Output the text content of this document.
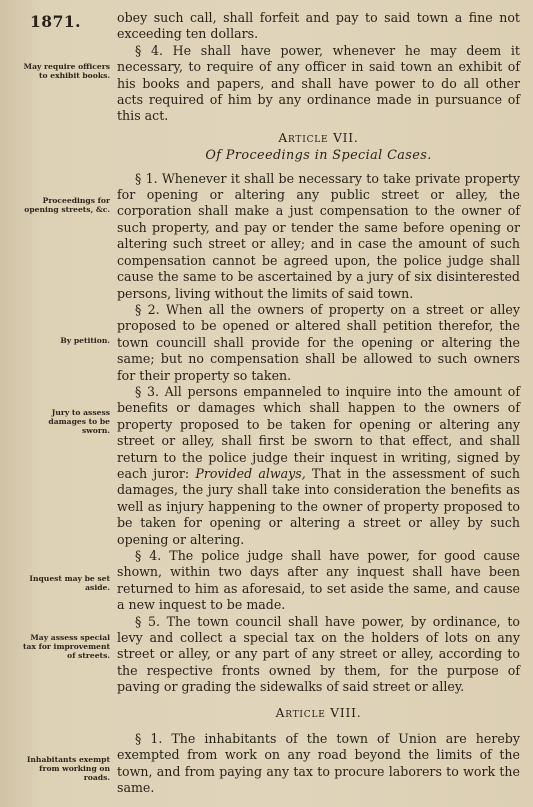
1871.
May require officers to exhibit books.
Proceedings for opening streets, &c.
By petition.
Jury to assess damages to be sworn.
Inquest may be set aside.
May assess special tax for improvement of streets.
Inhabitants exempt from working on roads.

obey such call, shall forfeit and pay to said town a fine not exceeding ten dollars.

§ 4. He shall have power, whenever he may deem it necessary, to require of any officer in said town an exhibit of his books and papers, and shall have power to do all other acts required of him by any ordinance made in pursuance of this act.

Article VII.
Of Proceedings in Special Cases.

§ 1. Whenever it shall be necessary to take private property for opening or altering any public street or alley, the corporation shall make a just compensation to the owner of such property, and pay or tender the same before opening or altering such street or alley; and in case the amount of such compensation cannot be agreed upon, the police judge shall cause the same to be ascertained by a jury of six disinterested persons, living without the limits of said town.

§ 2. When all the owners of property on a street or alley proposed to be opened or altered shall petition therefor, the town councill shall provide for the opening or altering the same; but no compensation shall be allowed to such owners for their property so taken.

§ 3. All persons empanneled to inquire into the amount of benefits or damages which shall happen to the owners of property proposed to be taken for opening or altering any street or alley, shall first be sworn to that effect, and shall return to the police judge their inquest in writing, signed by each juror: Provided always, That in the assessment of such damages, the jury shall take into consideration the benefits as well as injury happening to the owner of property proposed to be taken for opening or altering a street or alley by such opening or altering.

§ 4. The police judge shall have power, for good cause shown, within two days after any inquest shall have been returned to him as aforesaid, to set aside the same, and cause a new inquest to be made.

§ 5. The town council shall have power, by ordinance, to levy and collect a special tax on the holders of lots on any street or alley, or any part of any street or alley, according to the respective fronts owned by them, for the purpose of paving or grading the sidewalks of said street or alley.

Article VIII.

§ 1. The inhabitants of the town of Union are hereby exempted from work on any road beyond the limits of the town, and from paying any tax to procure laborers to work the same.
